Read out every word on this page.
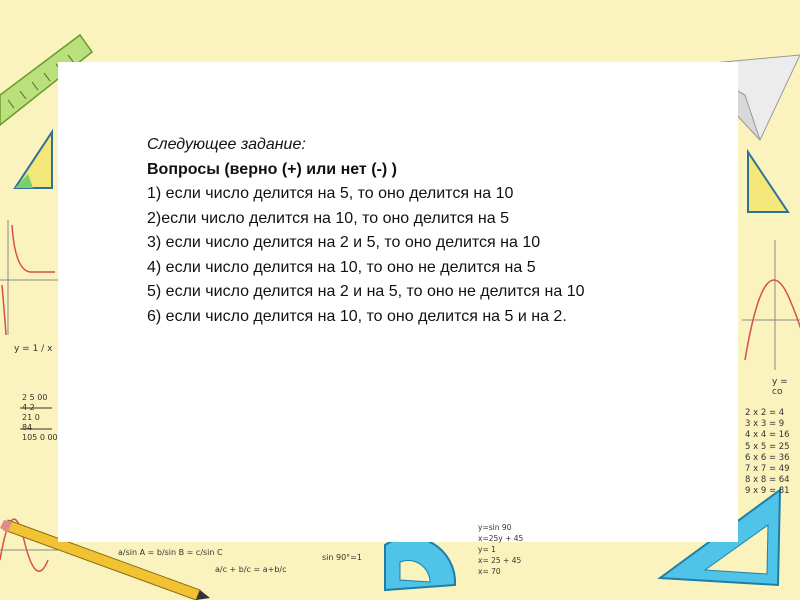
y = 1 / x
y = co
2 5 00
4 2
21 0
84
105 0 00
2 x 2 = 4
3 x 3 = 9
4 x 4 = 16
5 x 5 = 25
6 x 6 = 36
7 x 7 = 49
8 x 8 = 64
9 x 9 = 81
a/sin A = b/sin B = c/sin C
a/c + b/c = a+b/c
sin 90°=1
y=sin 90
x=25y + 45
y= 1
x= 25 + 45
x= 70

Следующее задание:

Вопросы (верно (+) или нет (-) )

1) если число делится на 5, то оно делится на 10

2)если число делится на 10, то оно делится на 5

3) если число делится на 2 и 5, то оно делится на 10

4) если число делится на 10, то оно не делится на 5

5) если число делится на 2 и на 5, то оно не делится на 10

6) если число делится на 10, то оно делится на 5 и на 2.
